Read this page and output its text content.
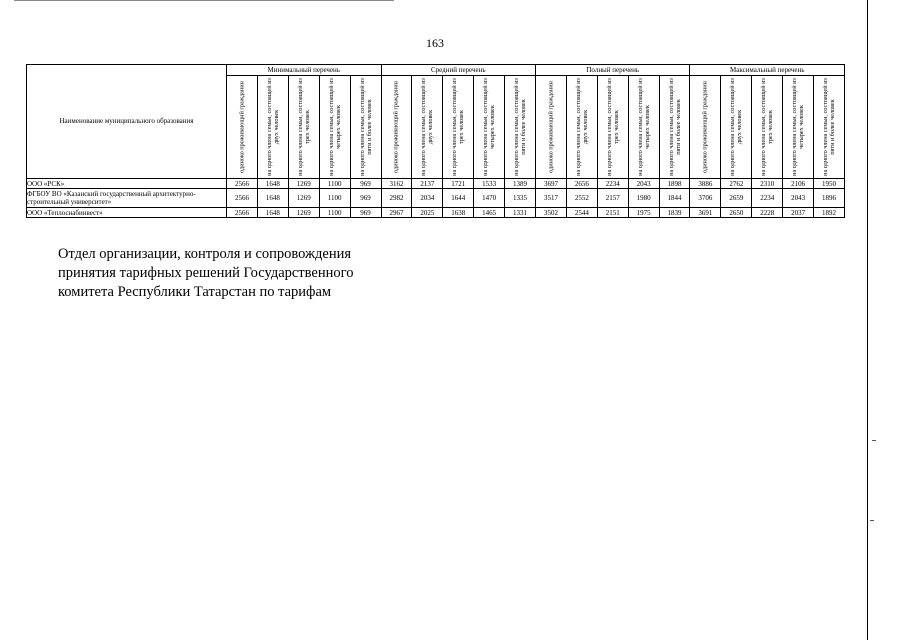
163
Наименование муниципального образования	Минимальный перечень					Средний перечень					Полный перечень					Максимальный перечень				

	одиноко проживающий гражданин	на одного члена семьи, состоящей из двух человек	на одного члена семьи, состоящей из трех человек	на одного члена семьи, состоящей из четырех человек	на одного члена семьи, состоящей из пяти и более человек	одиноко проживающий гражданин	на одного члена семьи, состоящей из двух человек	на одного члена семьи, состоящей из трех человек	на одного члена семьи, состоящей из четырех человек	на одного члена семьи, состоящей из пяти и более человек	одиноко проживающий гражданин	на одного члена семьи, состоящей из двух человек	на одного члена семьи, состоящей из трех человек	на одного члена семьи, состоящей из четырех человек	на одного члена семьи, состоящей из пяти и более человек	одиноко проживающий гражданин	на одного члена семьи, состоящей из двух человек	на одного члена семьи, состоящей из трех человек	на одного члена семьи, состоящей из четырех человек	на одного члена семьи, состоящей из пяти и более человек

ООО «РСК»	2566	1648	1269	1100	969	3162	2137	1721	1533	1389	3697	2656	2234	2043	1898	3886	2762	2310	2106	1950
ФГБОУ ВО «Казанский государственный архитектурно-строительный университет»	2566	1648	1269	1100	969	2982	2034	1644	1470	1335	3517	2552	2157	1980	1844	3706	2659	2234	2043	1896
ООО «Теплоснабинвест»	2566	1648	1269	1100	969	2967	2025	1638	1465	1331	3502	2544	2151	1975	1839	3691	2650	2228	2037	1892
Отдел организации, контроля и сопровождения
принятия тарифных решений Государственного
комитета Республики Татарстан по тарифам
